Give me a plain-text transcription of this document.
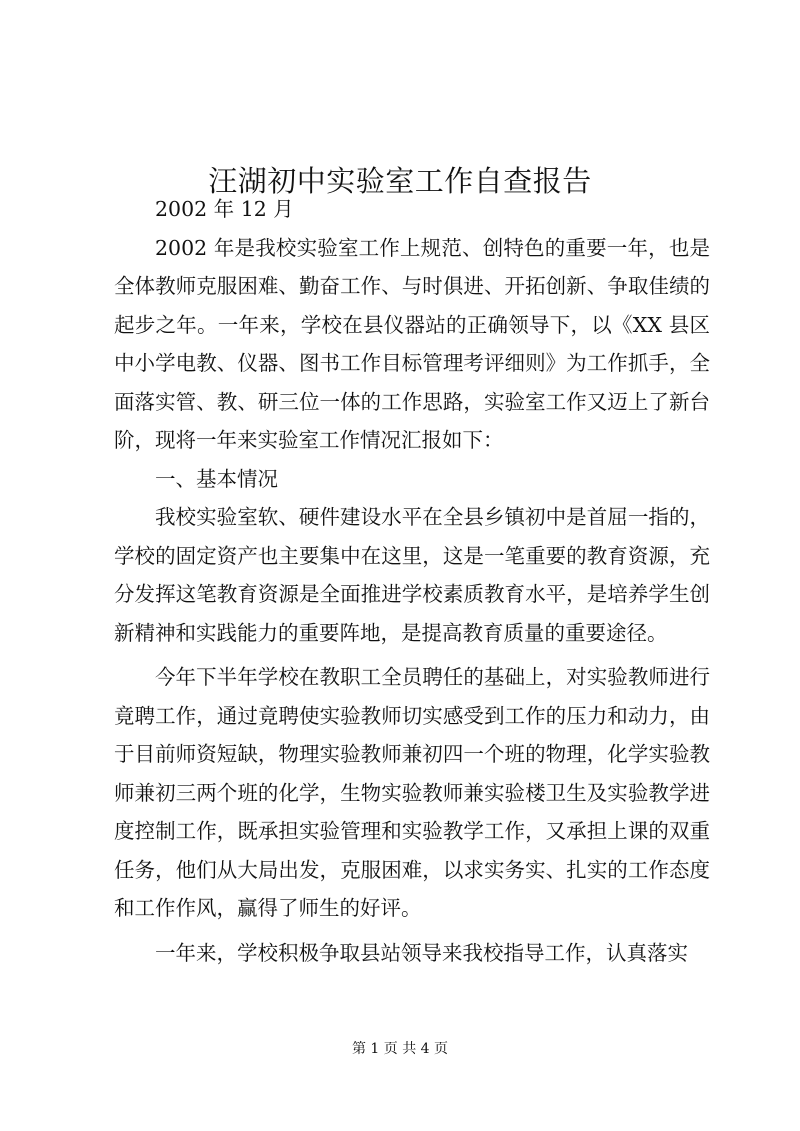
汪湖初中实验室工作自查报告

2002 年 12 月

2002 年是我校实验室工作上规范、创特色的重要一年，也是全体教师克服困难、勤奋工作、与时俱进、开拓创新、争取佳绩的起步之年。一年来，学校在县仪器站的正确领导下，以《XX 县区中小学电教、仪器、图书工作目标管理考评细则》为工作抓手，全面落实管、教、研三位一体的工作思路，实验室工作又迈上了新台阶，现将一年来实验室工作情况汇报如下：

一、基本情况

我校实验室软、硬件建设水平在全县乡镇初中是首屈一指的，学校的固定资产也主要集中在这里，这是一笔重要的教育资源，充分发挥这笔教育资源是全面推进学校素质教育水平，是培养学生创新精神和实践能力的重要阵地，是提高教育质量的重要途径。

今年下半年学校在教职工全员聘任的基础上，对实验教师进行竟聘工作，通过竟聘使实验教师切实感受到工作的压力和动力，由于目前师资短缺，物理实验教师兼初四一个班的物理，化学实验教师兼初三两个班的化学，生物实验教师兼实验楼卫生及实验教学进度控制工作，既承担实验管理和实验教学工作，又承担上课的双重任务，他们从大局出发，克服困难，以求实务实、扎实的工作态度和工作作风，赢得了师生的好评。

一年来，学校积极争取县站领导来我校指导工作，认真落实

第 1 页 共 4 页
